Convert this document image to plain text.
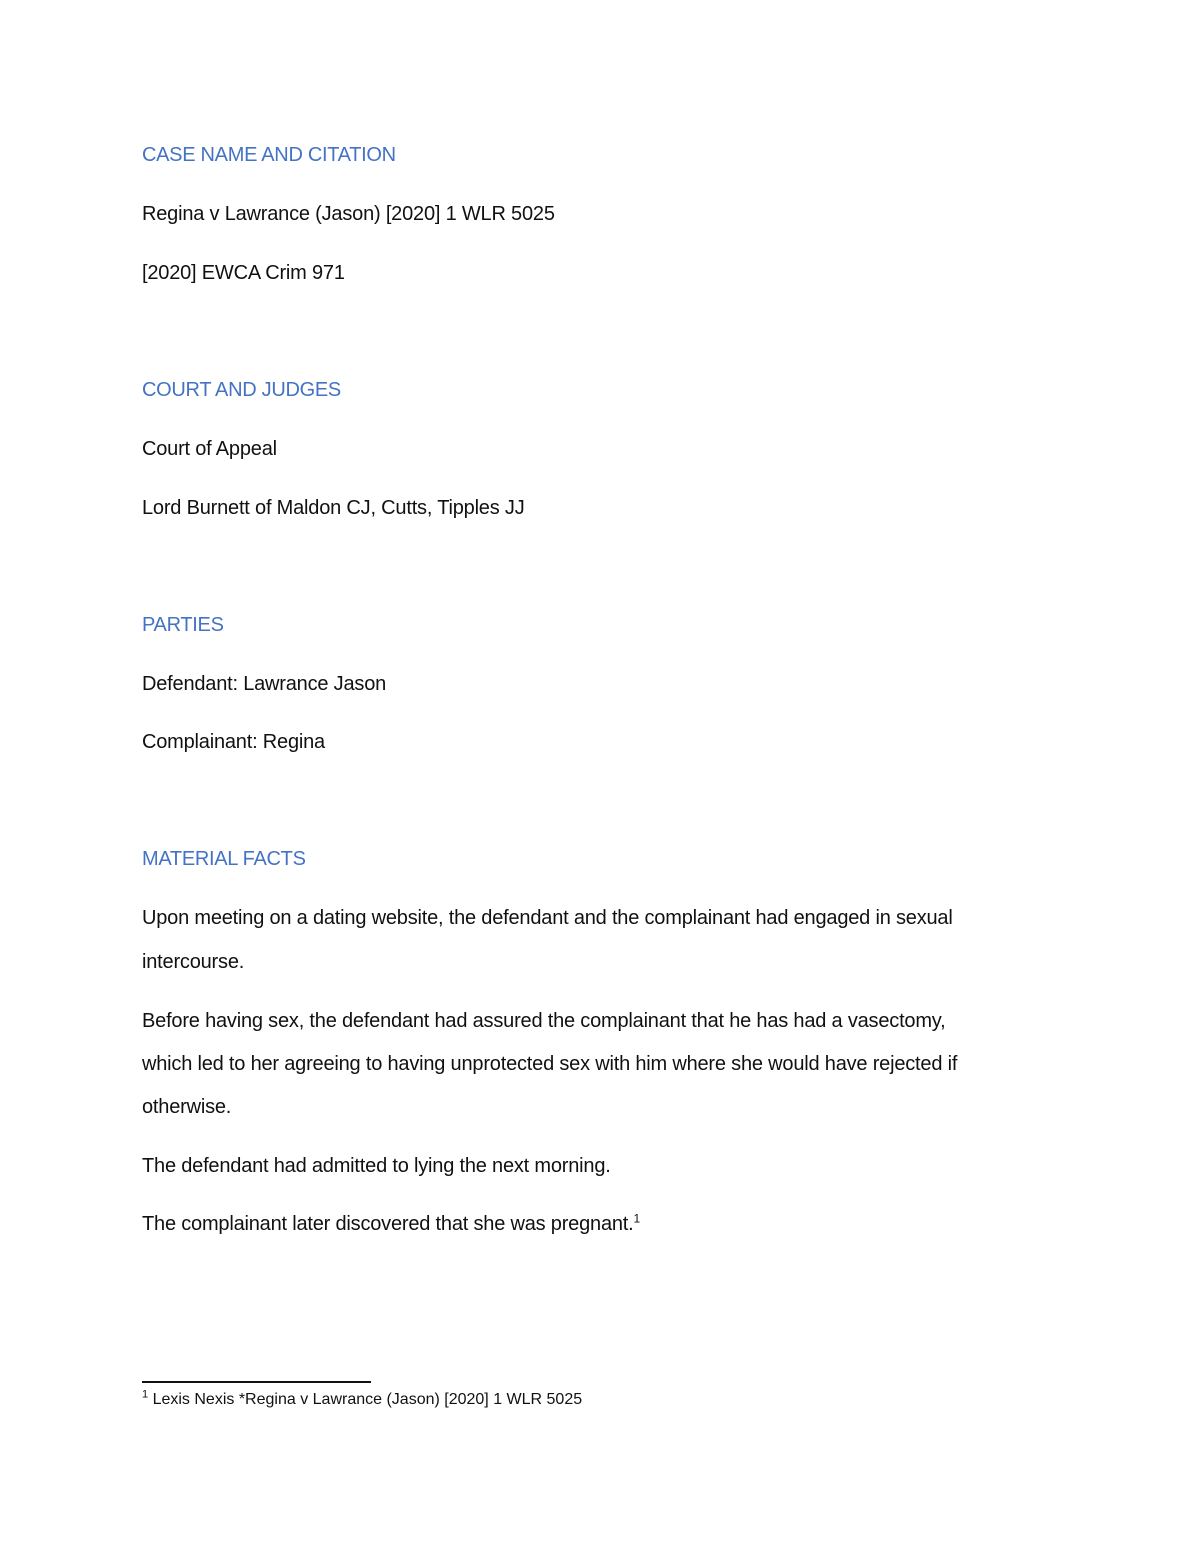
CASE NAME AND CITATION
Regina v Lawrance (Jason) [2020] 1 WLR 5025
[2020] EWCA Crim 971
COURT AND JUDGES
Court of Appeal
Lord Burnett of Maldon CJ, Cutts, Tipples JJ
PARTIES
Defendant: Lawrance Jason
Complainant: Regina
MATERIAL FACTS
Upon meeting on a dating website, the defendant and the complainant had engaged in sexual
intercourse.
Before having sex, the defendant had assured the complainant that he has had a vasectomy,
which led to her agreeing to having unprotected sex with him where she would have rejected if
otherwise.
The defendant had admitted to lying the next morning.
The complainant later discovered that she was pregnant.$^1$
$^1$ Lexis Nexis *Regina v Lawrance (Jason) [2020] 1 WLR 5025
